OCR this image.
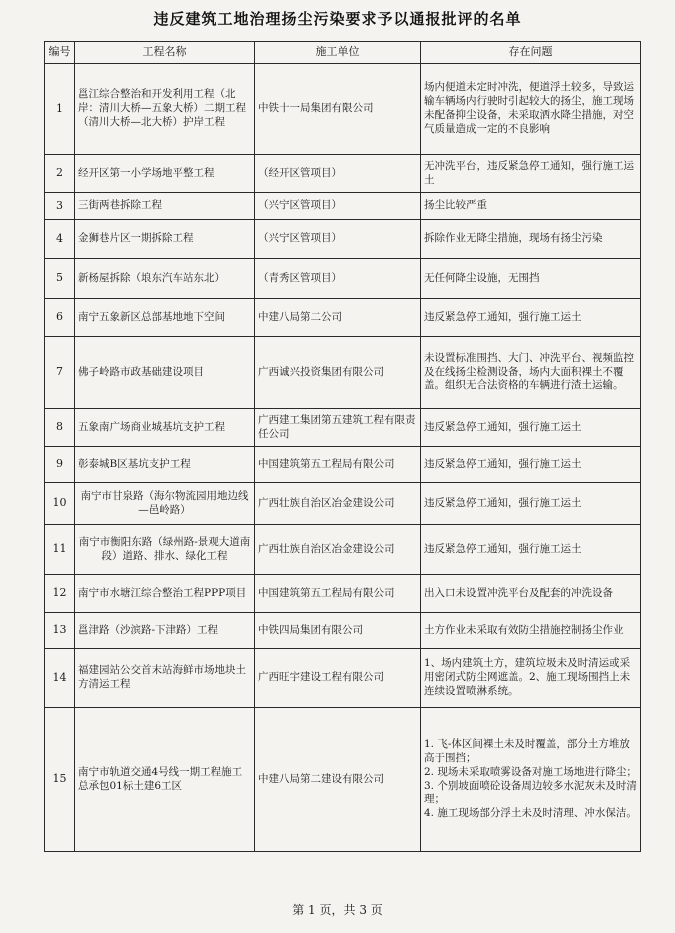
违反建筑工地治理扬尘污染要求予以通报批评的名单
编号	工程名称	施工单位	存在问题
1	邕江综合整治和开发利用工程（北岸：清川大桥—五象大桥）二期工程（清川大桥—北大桥）护岸工程	中铁十一局集团有限公司	场内便道未定时冲洗，便道浮土较多，导致运输车辆场内行驶时引起较大的扬尘，施工现场未配备抑尘设备，未采取洒水降尘措施，对空气质量造成一定的不良影响
2	经开区第一小学场地平整工程	（经开区管项目）	无冲洗平台，违反紧急停工通知，强行施工运土
3	三街两巷拆除工程	（兴宁区管项目）	扬尘比较严重
4	金狮巷片区一期拆除工程	（兴宁区管项目）	拆除作业无降尘措施，现场有扬尘污染
5	新杨屋拆除（埌东汽车站东北）	（青秀区管项目）	无任何降尘设施，无围挡
6	南宁五象新区总部基地地下空间	中建八局第二公司	违反紧急停工通知，强行施工运土
7	佛子岭路市政基础建设项目	广西诚兴投资集团有限公司	未设置标准围挡、大门、冲洗平台、视频监控及在线扬尘检测设备，场内大面积裸土不覆盖。组织无合法资格的车辆进行渣土运输。
8	五象南广场商业城基坑支护工程	广西建工集团第五建筑工程有限责任公司	违反紧急停工通知，强行施工运土
9	彰泰城B区基坑支护工程	中国建筑第五工程局有限公司	违反紧急停工通知，强行施工运土
10	南宁市甘泉路（海尔物流园用地边线—邑岭路）	广西壮族自治区冶金建设公司	违反紧急停工通知，强行施工运土
11	南宁市衡阳东路（绿州路-景观大道南段）道路、排水、绿化工程	广西壮族自治区冶金建设公司	违反紧急停工通知，强行施工运土
12	南宁市水塘江综合整治工程PPP项目	中国建筑第五工程局有限公司	出入口未设置冲洗平台及配套的冲洗设备
13	邕津路（沙滨路-下津路）工程	中铁四局集团有限公司	土方作业未采取有效防尘措施控制扬尘作业
14	福建园站公交首末站海鲜市场地块土方清运工程	广西旺宇建设工程有限公司	1、场内建筑土方，建筑垃圾未及时清运或采用密闭式防尘网遮盖。2、施工现场围挡上未连续设置喷淋系统。
15	南宁市轨道交通4号线一期工程施工总承包01标土建6工区	中建八局第二建设有限公司	1. 飞-体区间裸土未及时覆盖，部分土方堆放高于围挡；
2. 现场未采取喷雾设备对施工场地进行降尘；
3. 个别坡面喷砼设备周边较多水泥灰未及时清理；
4. 施工现场部分浮土未及时清理、冲水保洁。
第 1 页，共 3 页
